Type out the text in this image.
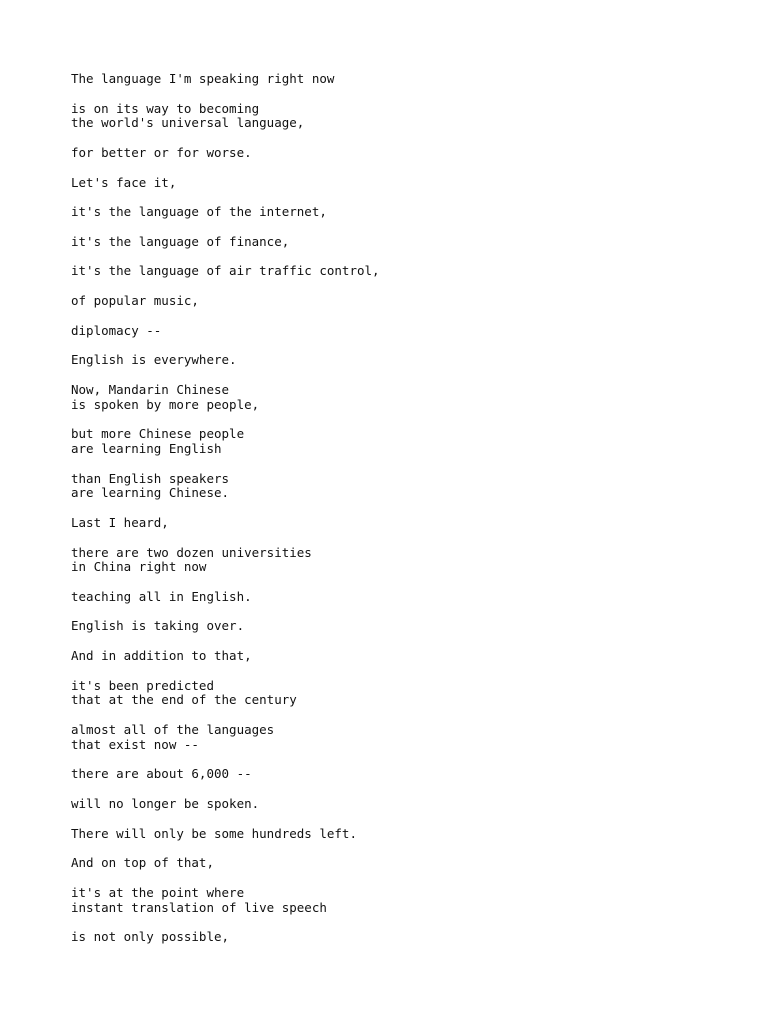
The language I'm speaking right now

is on its way to becoming
the world's universal language,

for better or for worse.

Let's face it,

it's the language of the internet,

it's the language of finance,

it's the language of air traffic control,

of popular music,

diplomacy --

English is everywhere.

Now, Mandarin Chinese
is spoken by more people,

but more Chinese people
are learning English

than English speakers
are learning Chinese.

Last I heard,

there are two dozen universities
in China right now

teaching all in English.

English is taking over.

And in addition to that,

it's been predicted
that at the end of the century

almost all of the languages
that exist now --

there are about 6,000 --

will no longer be spoken.

There will only be some hundreds left.

And on top of that,

it's at the point where
instant translation of live speech

is not only possible,
